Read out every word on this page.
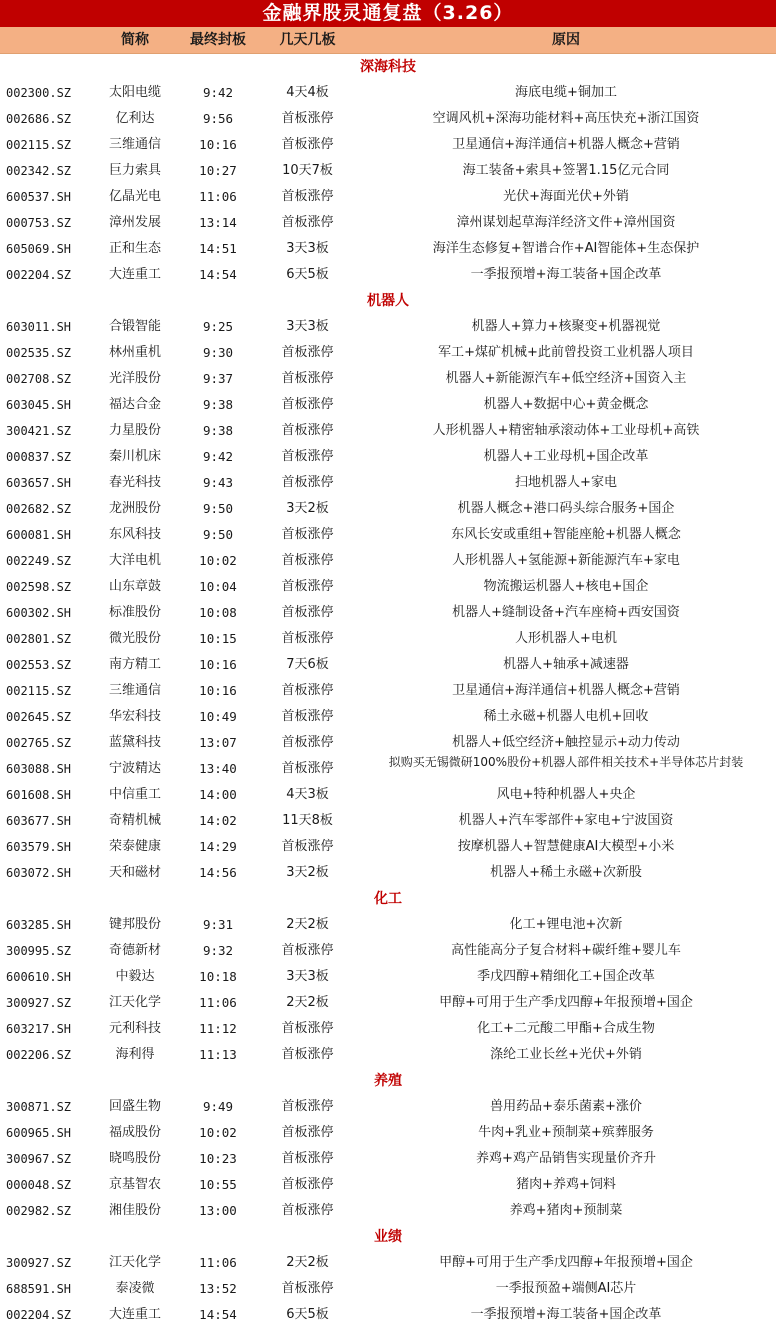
金融界股灵通复盘（3.26）
简称	最终封板	几天几板	原因
深海科技
002300.SZ	太阳电缆	9:42	4天4板	海底电缆+铜加工
002686.SZ	亿利达	9:56	首板涨停	空调风机+深海功能材料+高压快充+浙江国资
002115.SZ	三维通信	10:16	首板涨停	卫星通信+海洋通信+机器人概念+营销
002342.SZ	巨力索具	10:27	10天7板	海工装备+索具+签署1.15亿元合同
600537.SH	亿晶光电	11:06	首板涨停	光伏+海面光伏+外销
000753.SZ	漳州发展	13:14	首板涨停	漳州谋划起草海洋经济文件+漳州国资
605069.SH	正和生态	14:51	3天3板	海洋生态修复+智谱合作+AI智能体+生态保护
002204.SZ	大连重工	14:54	6天5板	一季报预增+海工装备+国企改革
机器人
603011.SH	合锻智能	9:25	3天3板	机器人+算力+核聚变+机器视觉
002535.SZ	林州重机	9:30	首板涨停	军工+煤矿机械+此前曾投资工业机器人项目
002708.SZ	光洋股份	9:37	首板涨停	机器人+新能源汽车+低空经济+国资入主
603045.SH	福达合金	9:38	首板涨停	机器人+数据中心+黄金概念
300421.SZ	力星股份	9:38	首板涨停	人形机器人+精密轴承滚动体+工业母机+高铁
000837.SZ	秦川机床	9:42	首板涨停	机器人+工业母机+国企改革
603657.SH	春光科技	9:43	首板涨停	扫地机器人+家电
002682.SZ	龙洲股份	9:50	3天2板	机器人概念+港口码头综合服务+国企
600081.SH	东风科技	9:50	首板涨停	东风长安或重组+智能座舱+机器人概念
002249.SZ	大洋电机	10:02	首板涨停	人形机器人+氢能源+新能源汽车+家电
002598.SZ	山东章鼓	10:04	首板涨停	物流搬运机器人+核电+国企
600302.SH	标准股份	10:08	首板涨停	机器人+缝制设备+汽车座椅+西安国资
002801.SZ	微光股份	10:15	首板涨停	人形机器人+电机
002553.SZ	南方精工	10:16	7天6板	机器人+轴承+减速器
002115.SZ	三维通信	10:16	首板涨停	卫星通信+海洋通信+机器人概念+营销
002645.SZ	华宏科技	10:49	首板涨停	稀土永磁+机器人电机+回收
002765.SZ	蓝黛科技	13:07	首板涨停	机器人+低空经济+触控显示+动力传动
603088.SH	宁波精达	13:40	首板涨停	拟购买无锡微研100%股份+机器人部件相关技术+半导体芯片封装
601608.SH	中信重工	14:00	4天3板	风电+特种机器人+央企
603677.SH	奇精机械	14:02	11天8板	机器人+汽车零部件+家电+宁波国资
603579.SH	荣泰健康	14:29	首板涨停	按摩机器人+智慧健康AI大模型+小米
603072.SH	天和磁材	14:56	3天2板	机器人+稀土永磁+次新股
化工
603285.SH	键邦股份	9:31	2天2板	化工+锂电池+次新
300995.SZ	奇德新材	9:32	首板涨停	高性能高分子复合材料+碳纤维+婴儿车
600610.SH	中毅达	10:18	3天3板	季戊四醇+精细化工+国企改革
300927.SZ	江天化学	11:06	2天2板	甲醇+可用于生产季戊四醇+年报预增+国企
603217.SH	元利科技	11:12	首板涨停	化工+二元酸二甲酯+合成生物
002206.SZ	海利得	11:13	首板涨停	涤纶工业长丝+光伏+外销
养殖
300871.SZ	回盛生物	9:49	首板涨停	兽用药品+泰乐菌素+涨价
600965.SH	福成股份	10:02	首板涨停	牛肉+乳业+预制菜+殡葬服务
300967.SZ	晓鸣股份	10:23	首板涨停	养鸡+鸡产品销售实现量价齐升
000048.SZ	京基智农	10:55	首板涨停	猪肉+养鸡+饲料
002982.SZ	湘佳股份	13:00	首板涨停	养鸡+猪肉+预制菜
业绩
300927.SZ	江天化学	11:06	2天2板	甲醇+可用于生产季戊四醇+年报预增+国企
688591.SH	泰凌微	13:52	首板涨停	一季报预盈+端侧AI芯片
002204.SZ	大连重工	14:54	6天5板	一季报预增+海工装备+国企改革
